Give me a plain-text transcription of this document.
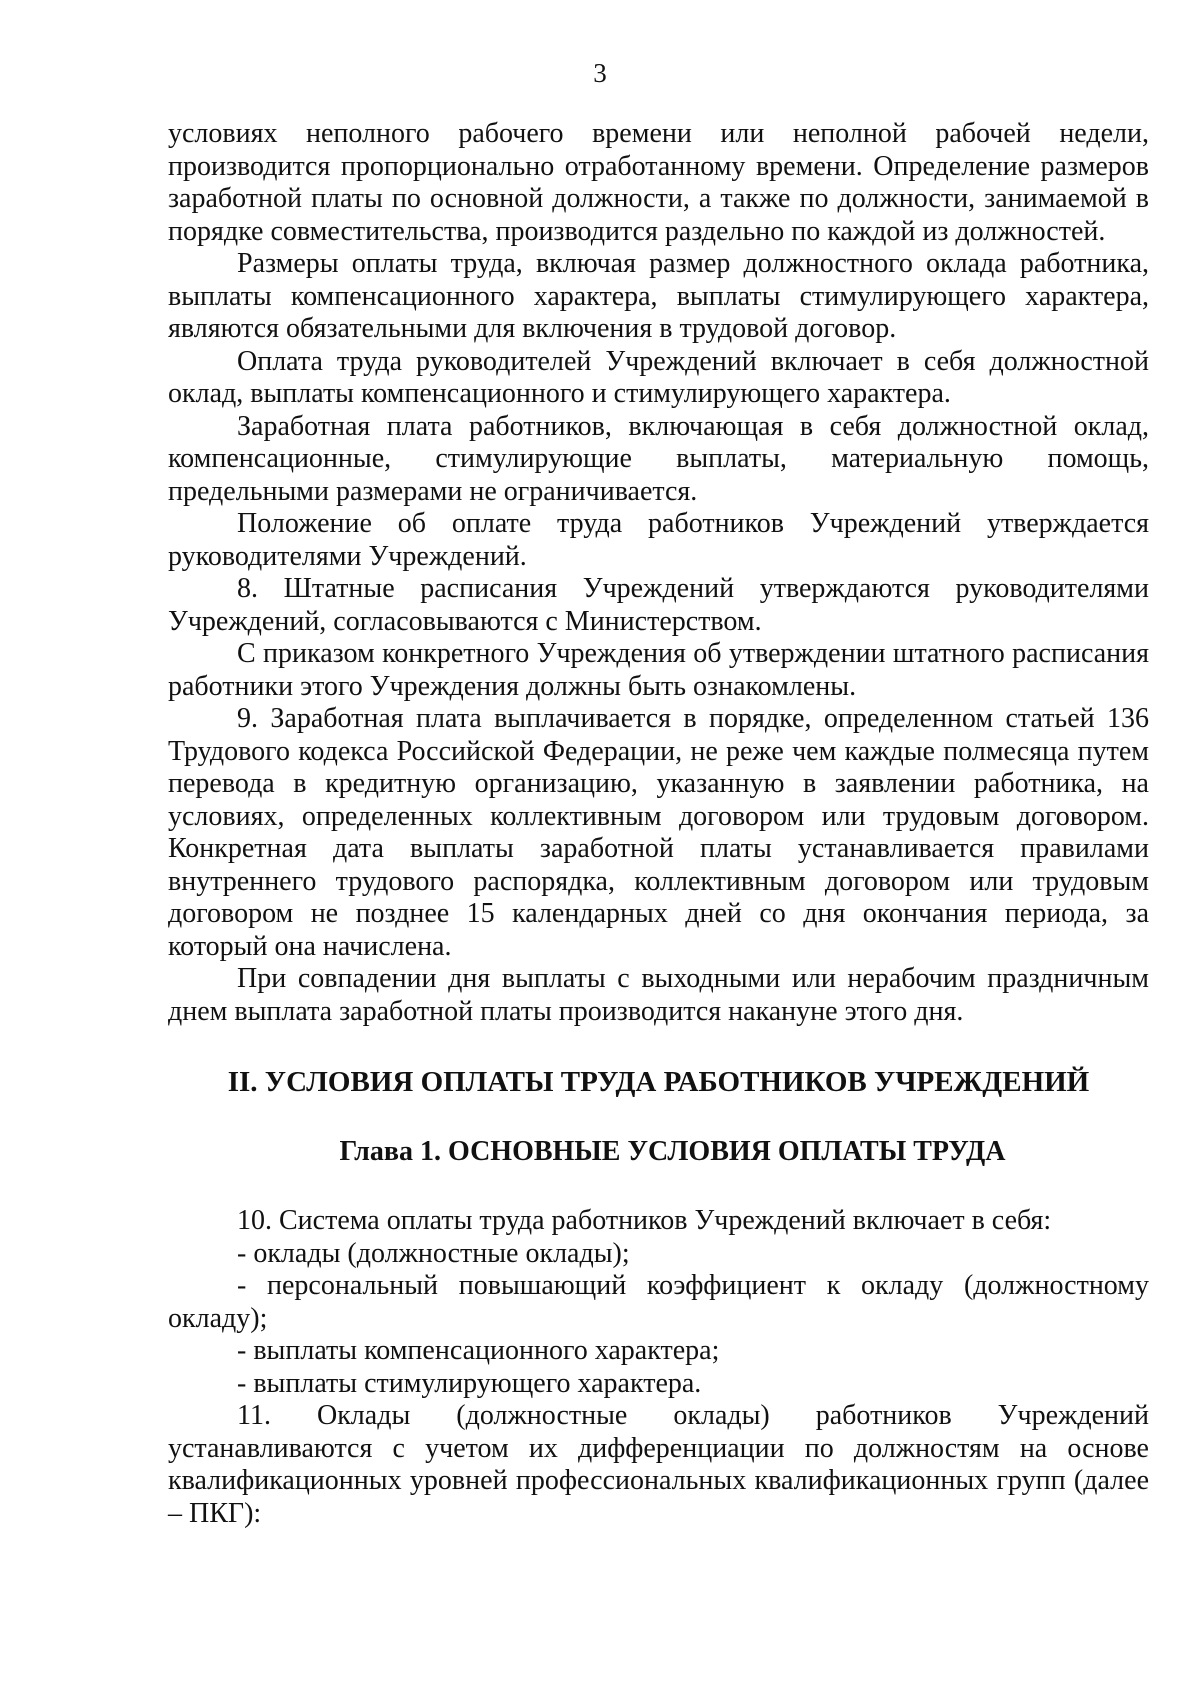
3

условиях неполного рабочего времени или неполной рабочей недели, производится пропорционально отработанному времени. Определение размеров заработной платы по основной должности, а также по должности, занимаемой в порядке совместительства, производится раздельно по каждой из должностей.

Размеры оплаты труда, включая размер должностного оклада работника, выплаты компенсационного характера, выплаты стимулирующего характера, являются обязательными для включения в трудовой договор.

Оплата труда руководителей Учреждений включает в себя должностной оклад, выплаты компенсационного и стимулирующего характера.

Заработная плата работников, включающая в себя должностной оклад, компенсационные, стимулирующие выплаты, материальную помощь, предельными размерами не ограничивается.

Положение об оплате труда работников Учреждений утверждается руководителями Учреждений.

8. Штатные расписания Учреждений утверждаются руководителями Учреждений, согласовываются с Министерством.

С приказом конкретного Учреждения об утверждении штатного расписания работники этого Учреждения должны быть ознакомлены.

9. Заработная плата выплачивается в порядке, определенном статьей 136 Трудового кодекса Российской Федерации, не реже чем каждые полмесяца путем перевода в кредитную организацию, указанную в заявлении работника, на условиях, определенных коллективным договором или трудовым договором. Конкретная дата выплаты заработной платы устанавливается правилами внутреннего трудового распорядка, коллективным договором или трудовым договором не позднее 15 календарных дней со дня окончания периода, за который она начислена.

При совпадении дня выплаты с выходными или нерабочим праздничным днем выплата заработной платы производится накануне этого дня.

II. УСЛОВИЯ ОПЛАТЫ ТРУДА РАБОТНИКОВ УЧРЕЖДЕНИЙ
Глава 1. ОСНОВНЫЕ УСЛОВИЯ ОПЛАТЫ ТРУДА

10. Система оплаты труда работников Учреждений включает в себя:

- оклады (должностные оклады);

- персональный повышающий коэффициент к окладу (должностному окладу);

- выплаты компенсационного характера;

- выплаты стимулирующего характера.

11. Оклады (должностные оклады) работников Учреждений устанавливаются с учетом их дифференциации по должностям на основе квалификационных уровней профессиональных квалификационных групп (далее – ПКГ):
